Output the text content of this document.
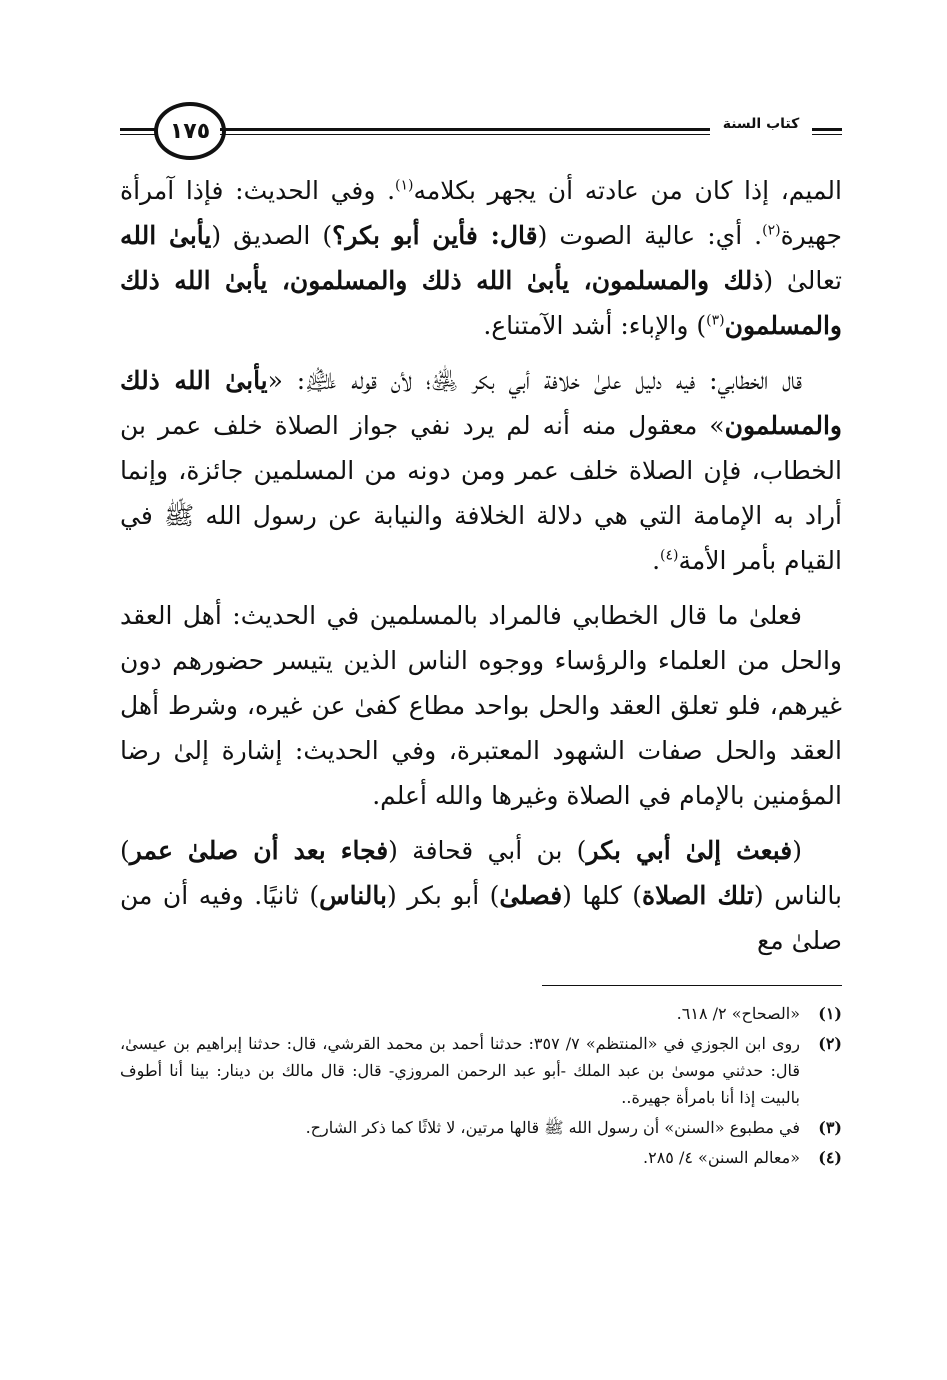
١٧٥	كتاب السنة

الميم، إذا كان من عادته أن يجهر بكلامه$^{(١)}$. وفي الحديث: فإذا آمرأة جهيرة$^{(٢)}$. أي: عالية الصوت (قال: فأين أبو بكر؟) الصديق (يأبىٰ الله تعالىٰ (ذلك والمسلمون، يأبىٰ الله ذلك والمسلمون، يأبىٰ الله ذلك والمسلمون$^{(٣)}$) والإباء: أشد الآمتناع.

قال الخطابي: فيه دليل علىٰ خلافة أبي بكر ﵁؛ لأن قوله ﵇: «يأبىٰ الله ذلك والمسلمون» معقول منه أنه لم يرد نفي جواز الصلاة خلف عمر بن الخطاب، فإن الصلاة خلف عمر ومن دونه من المسلمين جائزة، وإنما أراد به الإمامة التي هي دلالة الخلافة والنيابة عن رسول الله ﷺ في القيام بأمر الأمة$^{(٤)}$.

فعلىٰ ما قال الخطابي فالمراد بالمسلمين في الحديث: أهل العقد والحل من العلماء والرؤساء ووجوه الناس الذين يتيسر حضورهم دون غيرهم، فلو تعلق العقد والحل بواحد مطاع كفىٰ عن غيره، وشرط أهل العقد والحل صفات الشهود المعتبرة، وفي الحديث: إشارة إلىٰ رضا المؤمنين بالإمام في الصلاة وغيرها والله أعلم.

(فبعث إلىٰ أبي بكر) بن أبي قحافة (فجاء بعد أن صلىٰ عمر) بالناس (تلك الصلاة) كلها (فصلىٰ) أبو بكر (بالناس) ثانيًا. وفيه أن من صلىٰ مع

(١)
«الصحاح» ٢/ ٦١٨.
(٢)
روى ابن الجوزي في «المنتظم» ٧/ ٣٥٧: حدثنا أحمد بن محمد القرشي، قال: حدثنا إبراهيم بن عيسىٰ، قال: حدثني موسىٰ بن عبد الملك -أبو عبد الرحمن المروزي- قال: قال مالك بن دينار: بينا أنا أطوف بالبيت إذا أنا بامرأة جهيرة..
(٣)
في مطبوع «السنن» أن رسول الله ﷺ قالها مرتين، لا ثلاثًا كما ذكر الشارح.
(٤)
«معالم السنن» ٤/ ٢٨٥.
